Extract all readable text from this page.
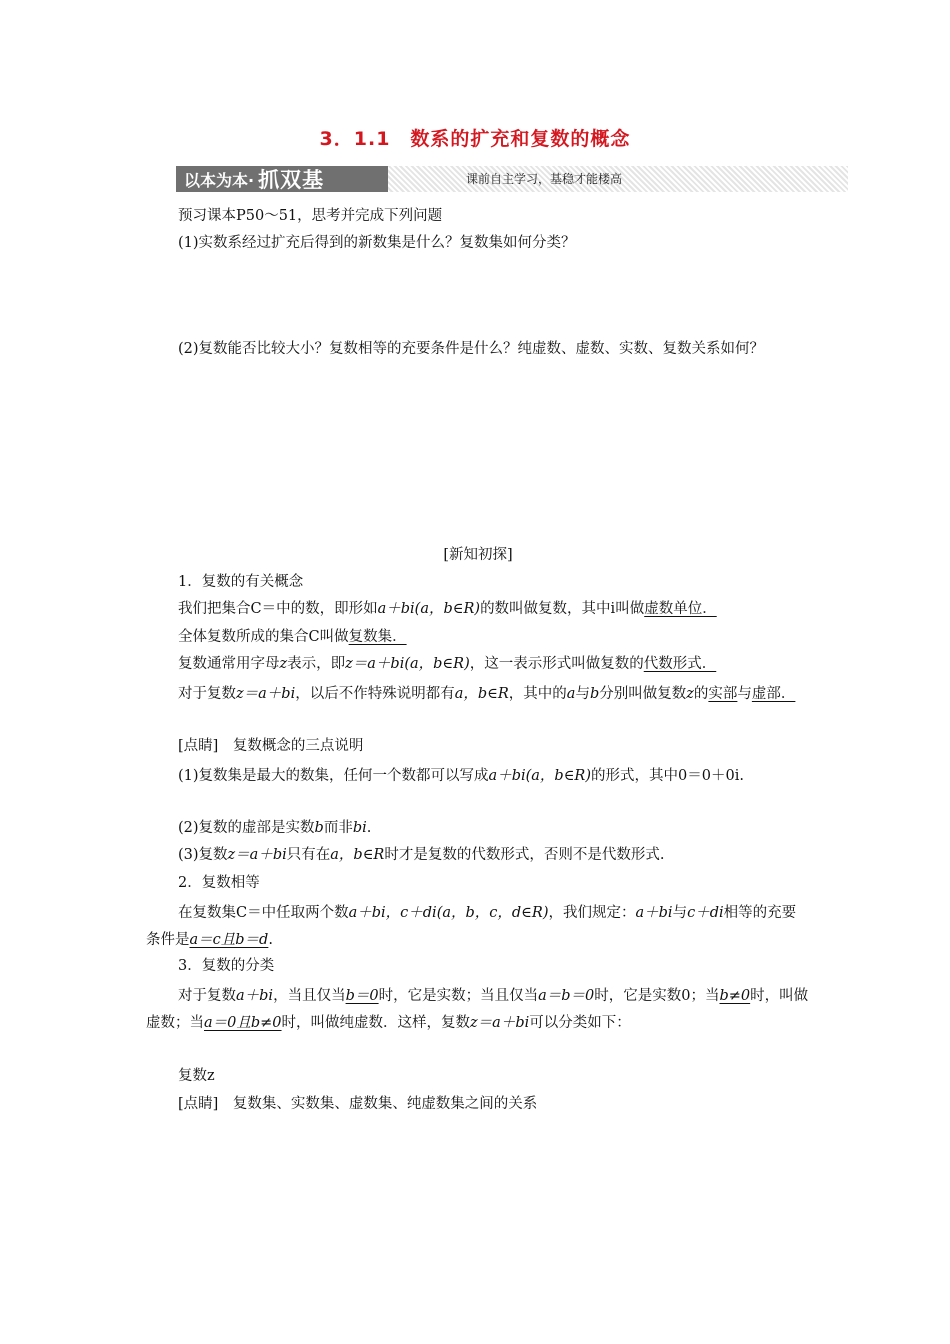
3．1.1　数系的扩充和复数的概念
以本为本· 抓双基	课前自主学习，基稳才能楼高
预习课本P50～51，思考并完成下列问题
(1)实数系经过扩充后得到的新数集是什么？复数集如何分类？
(2)复数能否比较大小？复数相等的充要条件是什么？纯虚数、虚数、实数、复数关系如何？
[新知初探]
1．复数的有关概念
我们把集合C＝中的数，即形如a＋bi(a，b∈R)的数叫做复数，其中i叫做虚数单位．
全体复数所成的集合C叫做复数集．
复数通常用字母z表示，即z＝a＋bi(a，b∈R)，这一表示形式叫做复数的代数形式．
对于复数z＝a＋bi，以后不作特殊说明都有a，b∈R，其中的a与b分别叫做复数z的实部与虚部．
[点睛]　复数概念的三点说明
(1)复数集是最大的数集，任何一个数都可以写成a＋bi(a，b∈R)的形式，其中0＝0＋0i.
(2)复数的虚部是实数b而非bi.
(3)复数z＝a＋bi只有在a，b∈R时才是复数的代数形式，否则不是代数形式.
2．复数相等
在复数集C＝中任取两个数a＋bi，c＋di(a，b，c，d∈R)，我们规定：a＋bi与c＋di相等的充要条件是a＝c且b＝d.
3．复数的分类
对于复数a＋bi，当且仅当b＝0时，它是实数；当且仅当a＝b＝0时，它是实数0；当b≠0时，叫做虚数；当a＝0且b≠0时，叫做纯虚数．这样，复数z＝a＋bi可以分类如下：
复数z
[点睛]　复数集、实数集、虚数集、纯虚数集之间的关系
